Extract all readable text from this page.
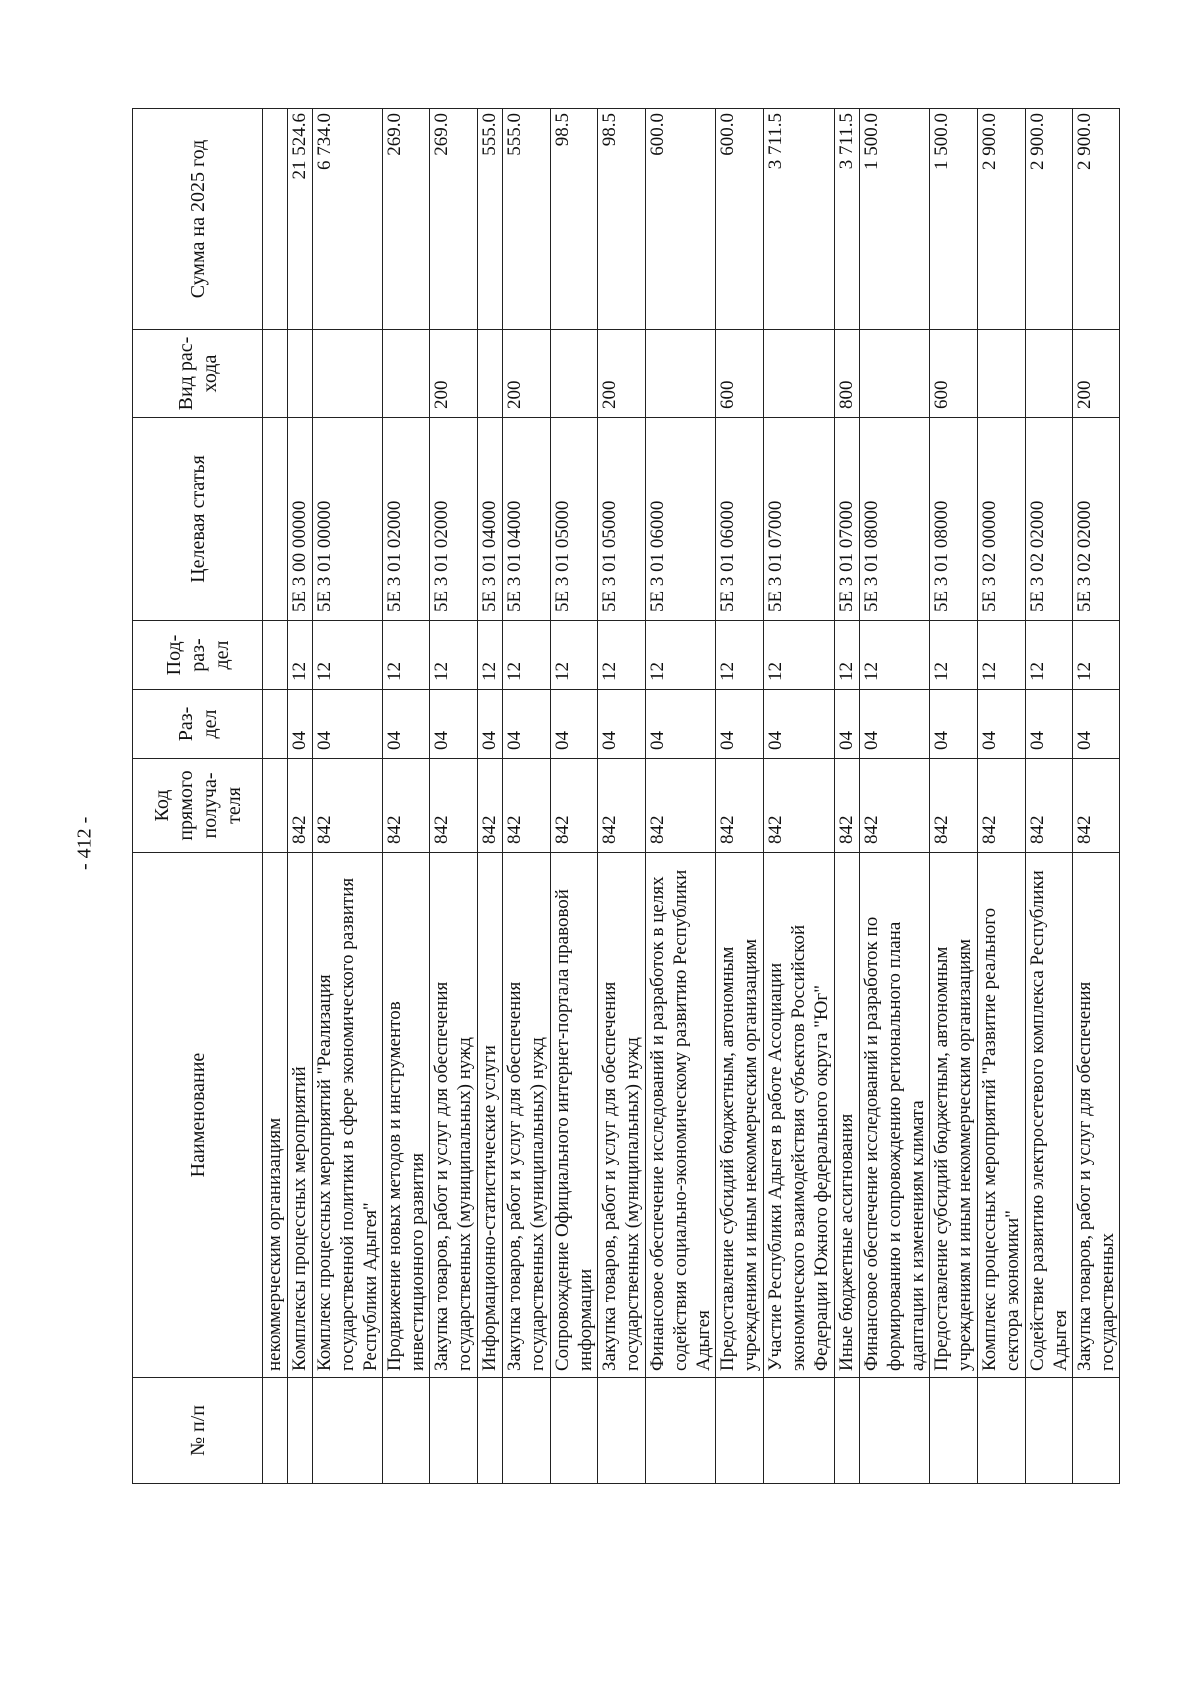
- 412 -
№ п/п	Наименование	Код прямого получа-теля	Раз-дел	Под-раз-дел	Целевая статья	Вид рас-хода	Сумма на 2025 год
	некоммерческим организациям						
	Комплексы процессных мероприятий	842	04	12	5Е 3 00 00000		21 524.6
	Комплекс процессных мероприятий "Реализация государственной политики в сфере экономического развития Республики Адыгея"	842	04	12	5Е 3 01 00000		6 734.0
	Продвижение новых методов и инструментов инвестиционного развития	842	04	12	5Е 3 01 02000		269.0
	Закупка товаров, работ и услуг для обеспечения государственных (муниципальных) нужд	842	04	12	5Е 3 01 02000	200	269.0
	Информационно-статистические услуги	842	04	12	5Е 3 01 04000		555.0
	Закупка товаров, работ и услуг для обеспечения государственных (муниципальных) нужд	842	04	12	5Е 3 01 04000	200	555.0
	Сопровождение Официального интернет-портала правовой информации	842	04	12	5Е 3 01 05000		98.5
	Закупка товаров, работ и услуг для обеспечения государственных (муниципальных) нужд	842	04	12	5Е 3 01 05000	200	98.5
	Финансовое обеспечение исследований и разработок в целях содействия социально-экономическому развитию Республики Адыгея	842	04	12	5Е 3 01 06000		600.0
	Предоставление субсидий бюджетным, автономным учреждениям и иным некоммерческим организациям	842	04	12	5Е 3 01 06000	600	600.0
	Участие Республики Адыгея в работе Ассоциации экономического взаимодействия субъектов Российской Федерации Южного федерального округа "Юг"	842	04	12	5Е 3 01 07000		3 711.5
	Иные бюджетные ассигнования	842	04	12	5Е 3 01 07000	800	3 711.5
	Финансовое обеспечение исследований и разработок по формированию и сопровождению регионального плана адаптации к изменениям климата	842	04	12	5Е 3 01 08000		1 500.0
	Предоставление субсидий бюджетным, автономным учреждениям и иным некоммерческим организациям	842	04	12	5Е 3 01 08000	600	1 500.0
	Комплекс процессных мероприятий "Развитие реального сектора экономики"	842	04	12	5Е 3 02 00000		2 900.0
	Содействие развитию электросетевого комплекса Республики Адыгея	842	04	12	5Е 3 02 02000		2 900.0
	Закупка товаров, работ и услуг для обеспечения государственных	842	04	12	5Е 3 02 02000	200	2 900.0
